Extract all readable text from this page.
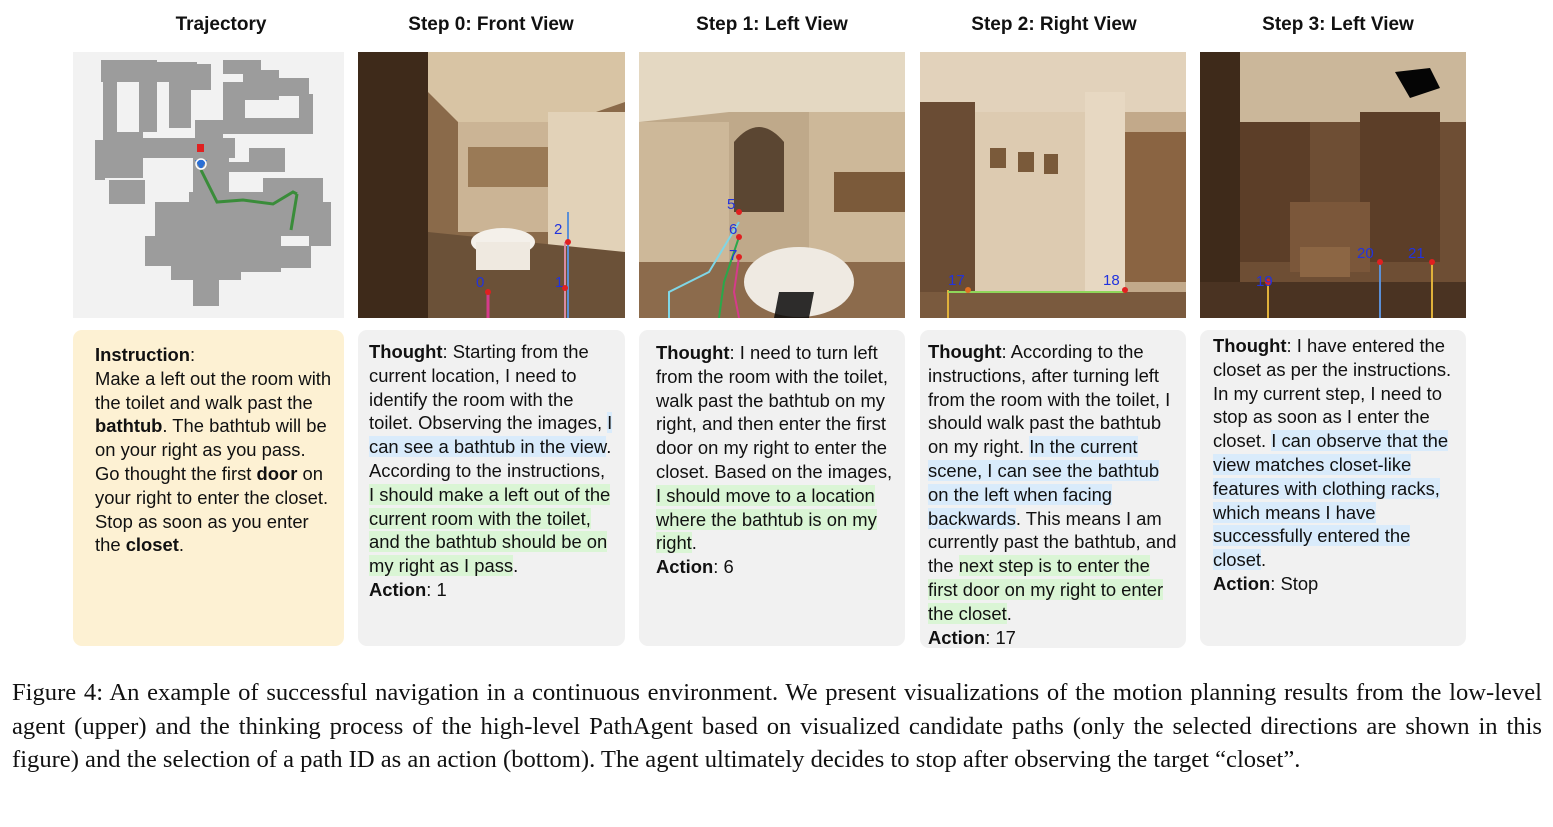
Trajectory	Step 0: Front View	Step 1: Left View	Step 2: Right View	Step 3: Left View
0	1
2
5
6
7
17	18	19
20 21
Instruction:
Make a left out the room with the toilet and walk past the bathtub. The bathtub will be on your right as you pass. Go thought the first door on your right to enter the closet. Stop as soon as you enter the closet.
Thought: Starting from the current location, I need to identify the room with the toilet. Observing the images, I can see a bathtub in the view. According to the instructions, I should make a left out of the current room with the toilet, and the bathtub should be on my right as I pass.
Action: 1
Thought: I need to turn left from the room with the toilet, walk past the bathtub on my right, and then enter the first door on my right to enter the closet. Based on the images, I should move to a location where the bathtub is on my right.
Action: 6
Thought: According to the instructions, after turning left from the room with the toilet, I should walk past the bathtub on my right. In the current scene, I can see the bathtub on the left when facing backwards. This means I am currently past the bathtub, and the next step is to enter the first door on my right to enter the closet.
Action: 17
Thought: I have entered the closet as per the instructions. In my current step, I need to stop as soon as I enter the closet. I can observe that the view matches closet-like features with clothing racks, which means I have successfully entered the closet.
Action: Stop
Figure 4: An example of successful navigation in a continuous environment. We present visualizations of the motion planning results from the low-level agent (upper) and the thinking process of the high-level PathAgent based on visualized candidate paths (only the selected directions are shown in this figure) and the selection of a path ID as an action (bottom). The agent ultimately decides to stop after observing the target “closet”.
